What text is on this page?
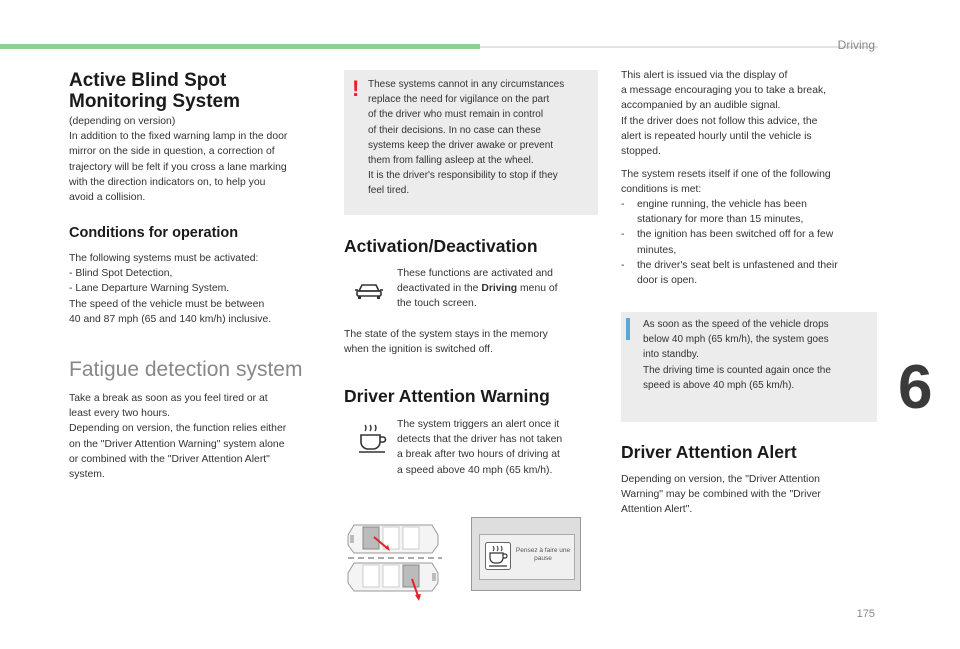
Driving
6
175
Active Blind Spot
Monitoring System

(depending on version)
In addition to the fixed warning lamp in the door
mirror on the side in question, a correction of
trajectory will be felt if you cross a lane marking
with the direction indicators on, to help you
avoid a collision.

Conditions for operation

The following systems must be activated:
- Blind Spot Detection,
- Lane Departure Warning System.
The speed of the vehicle must be between
40 and 87 mph (65 and 140 km/h) inclusive.

Fatigue detection system

Take a break as soon as you feel tired or at
least every two hours.
Depending on version, the function relies either
on the "Driver Attention Warning" system alone
or combined with the "Driver Attention Alert"
system.

! These systems cannot in any circumstances
replace the need for vigilance on the part
of the driver who must remain in control
of their decisions. In no case can these
systems keep the driver awake or prevent
them from falling asleep at the wheel.
It is the driver's responsibility to stop if they
feel tired.

Activation/Deactivation
These functions are activated and
deactivated in the Driving menu of
the touch screen.

The state of the system stays in the memory
when the ignition is switched off.

Driver Attention Warning

The system triggers an alert once it
detects that the driver has not taken
a break after two hours of driving at
a speed above 40 mph (65 km/h).

Pensez à faire une
pause

This alert is issued via the display of
a message encouraging you to take a break,
accompanied by an audible signal.
If the driver does not follow this advice, the
alert is repeated hourly until the vehicle is
stopped.

The system resets itself if one of the following
conditions is met:

- engine running, the vehicle has been
stationary for more than 15 minutes,

- the ignition has been switched off for a few
minutes,

- the driver's seat belt is unfastened and their
door is open.

As soon as the speed of the vehicle drops
below 40 mph (65 km/h), the system goes
into standby.
The driving time is counted again once the
speed is above 40 mph (65 km/h).

Driver Attention Alert

Depending on version, the "Driver Attention
Warning" may be combined with the "Driver
Attention Alert".
